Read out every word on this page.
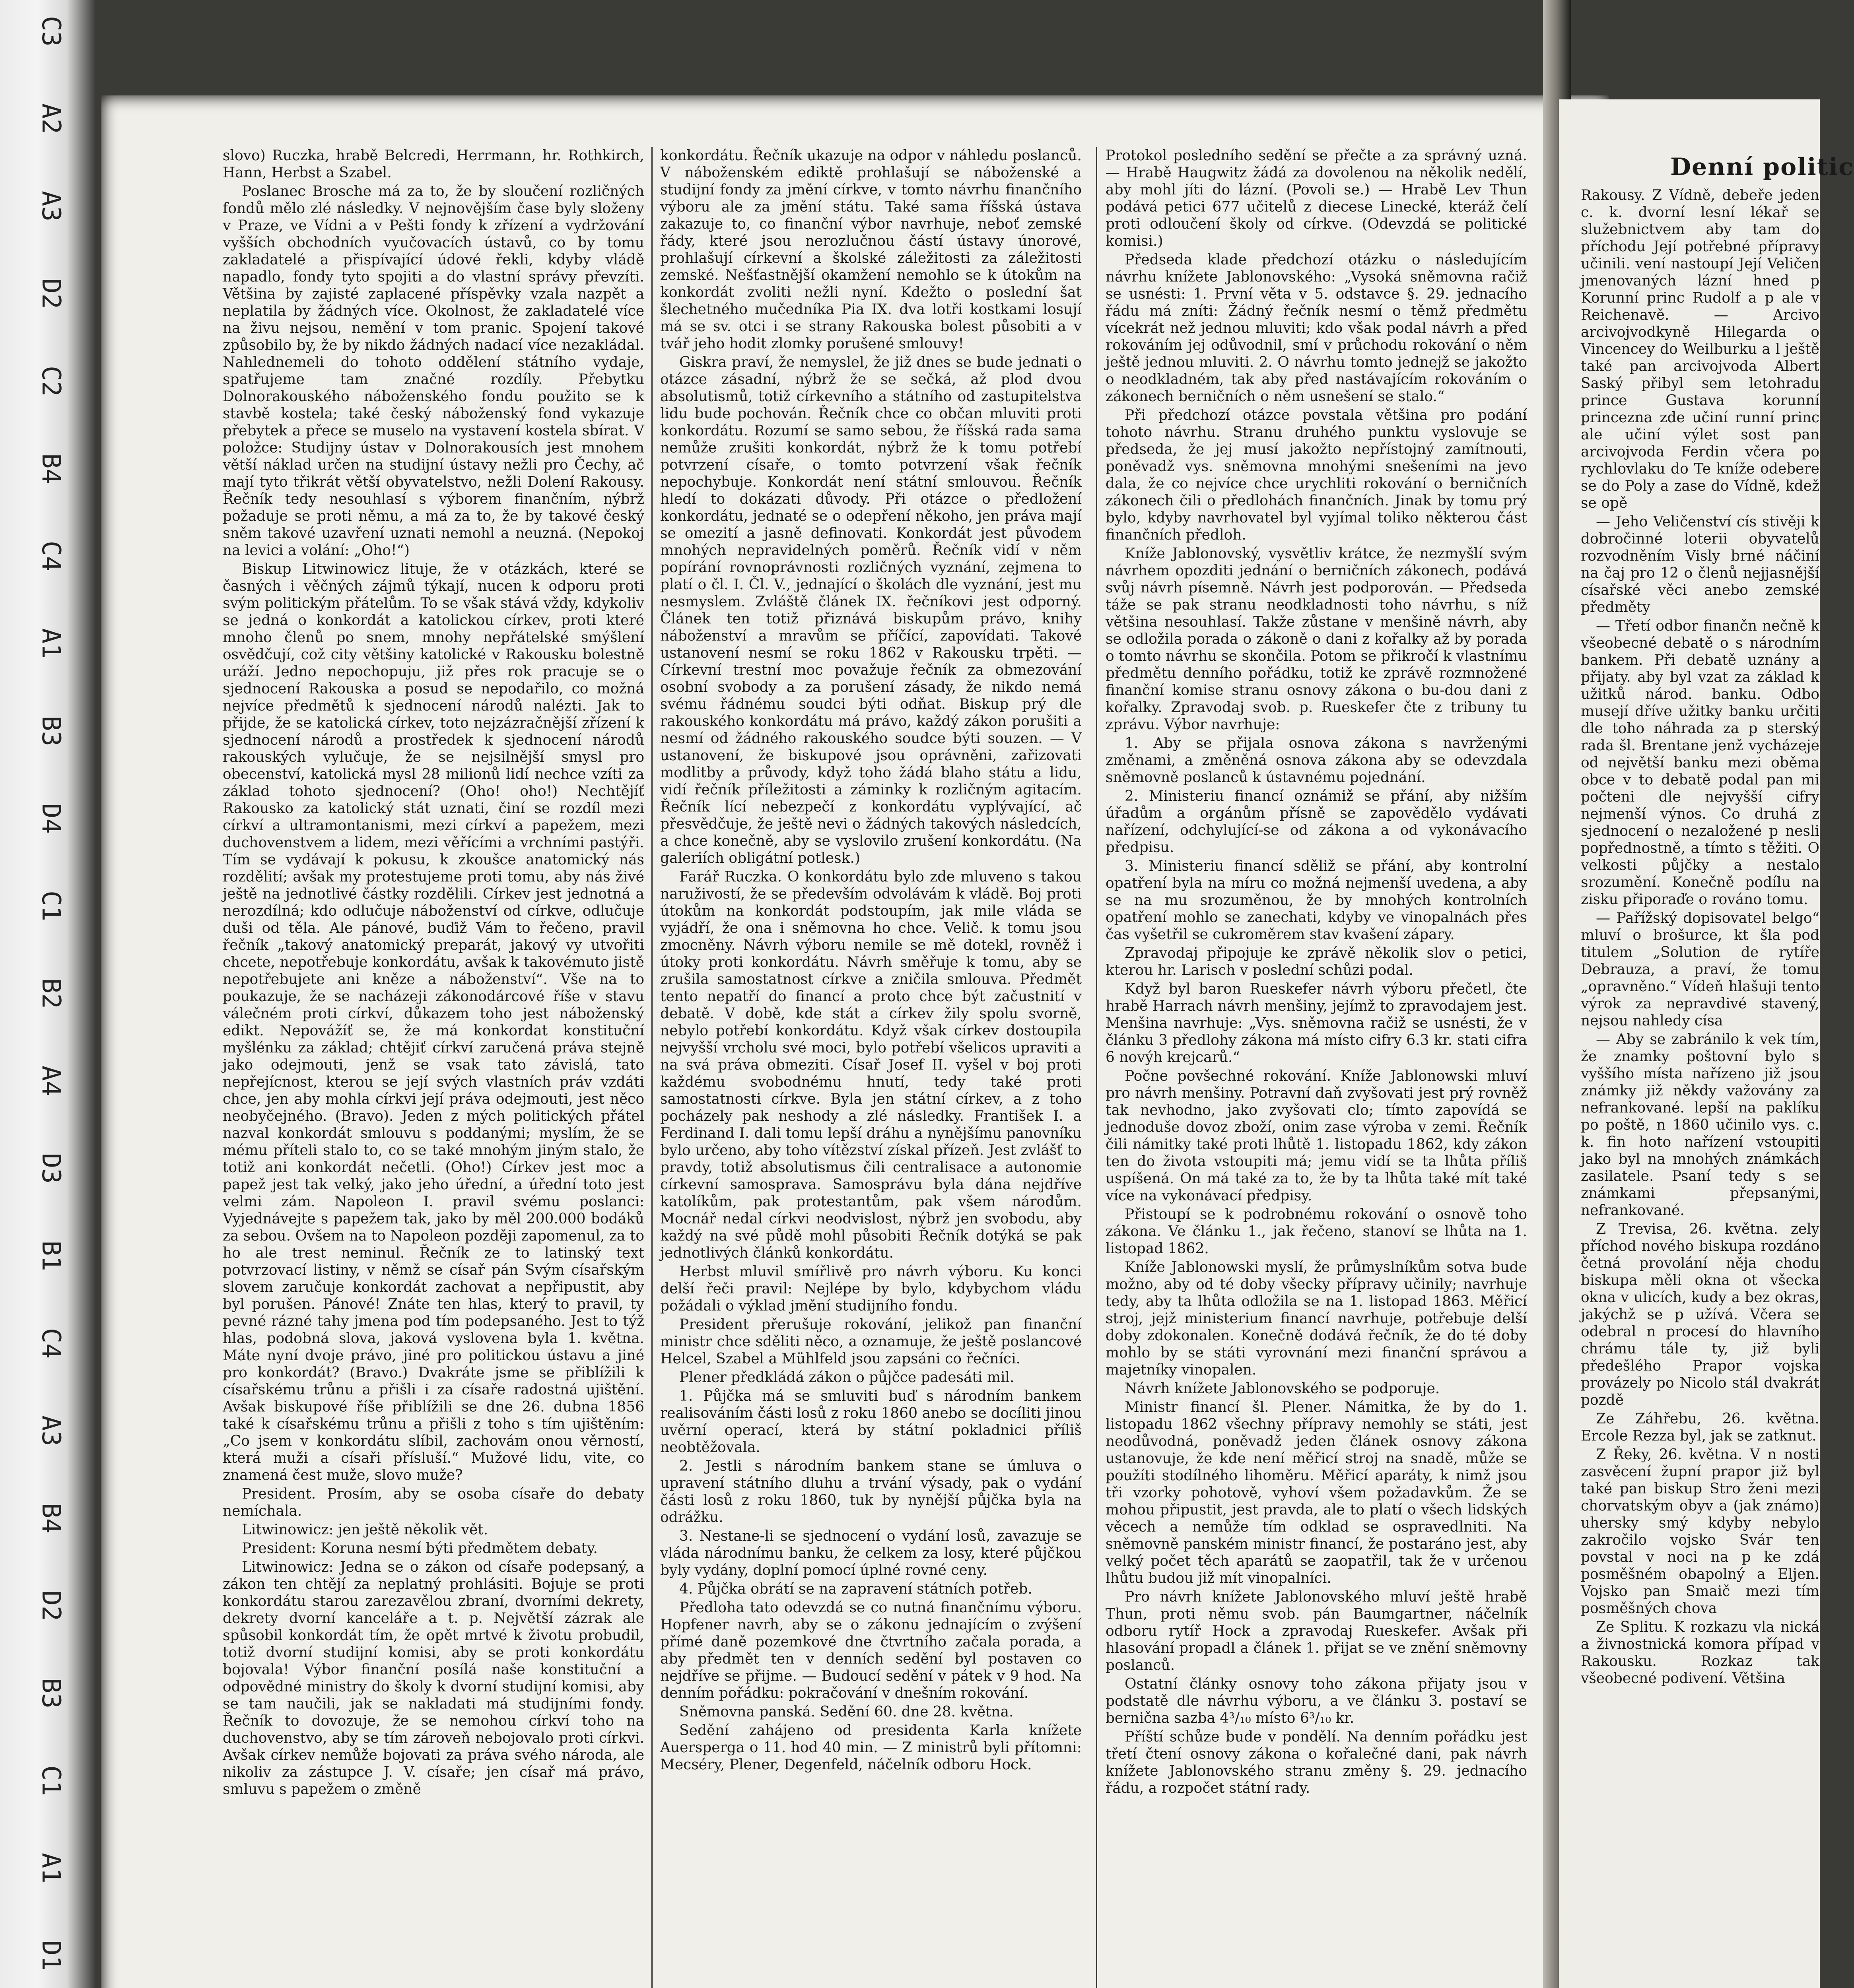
C3
A2
A3
D2
C2
B4
C4
A1
B3
D4
C1
B2
A4
D3
B1
C4
A3
B4
D2
B3
C1
A1
D1

slovo) Ruczka, hrabě Belcredi, Herrmann, hr. Rothkirch, Hann, Herbst a Szabel.

Poslanec Brosche má za to, že by sloučení rozličných fondů mělo zlé následky. V nejnovějším čase byly složeny v Praze, ve Vídni a v Pešti fondy k zřízení a vydržování vyšších obchodních vyučovacích ústavů, co by tomu zakladatelé a přispívající údové řekli, kdyby vládě napadlo, fondy tyto spojiti a do vlastní správy převzíti. Většina by zajisté zaplacené příspěvky vzala nazpět a neplatila by žádných více. Okolnost, že zakladatelé více na živu nejsou, nemění v tom pranic. Spojení takové způsobilo by, že by nikdo žádných nadací více nezakládal. Nahlednemeli do tohoto oddělení státního vydaje, spatřujeme tam značné rozdíly. Přebytku Dolnorakouského náboženského fondu použito se k stavbě kostela; také český náboženský fond vykazuje přebytek a přece se muselo na vystavení kostela sbírat. V položce: Studijny ústav v Dolnorakousích jest mnohem větší náklad určen na studijní ústavy nežli pro Čechy, ač mají tyto třikrát větší obyvatelstvo, nežli Dolení Rakousy. Řečník tedy nesouhlasí s výborem finančním, nýbrž požaduje se proti němu, a má za to, že by takové český sněm takové uzavření uznati nemohl a neuzná. (Nepokoj na levici a volání: „Oho!“)

Biskup Litwinowicz lituje, že v otázkách, které se časných i věčných zájmů týkají, nucen k odporu proti svým politickým přátelům. To se však stává vždy, kdykoliv se jedná o konkordát a katolickou církev, proti které mnoho členů po snem, mnohy nepřátelské smýšlení osvědčují, což city většiny katolické v Rakousku bolestně uráží. Jedno nepochopuju, již přes rok pracuje se o sjednocení Rakouska a posud se nepodařilo, co možná nejvíce předmětů k sjednocení národů nalézti. Jak to přijde, že se katolická církev, toto nejzázračnější zřízení k sjednocení národů a prostředek k sjednocení národů rakouských vylučuje, že se nejsilnější smysl pro obecenství, katolická mysl 28 milionů lidí nechce vzíti za základ tohoto sjednocení? (Oho! oho!) Nechtějíť Rakousko za katolický stát uznati, činí se rozdíl mezi církví a ultramontanismi, mezi církví a papežem, mezi duchovenstvem a lidem, mezi věřícími a vrchními pastýři. Tím se vydávají k pokusu, k zkoušce anatomický nás rozdělití; avšak my protestujeme proti tomu, aby nás živé ještě na jednotlivé částky rozdělili. Církev jest jednotná a nerozdílná; kdo odlučuje náboženství od církve, odlučuje duši od těla. Ale pánové, buďiž Vám to řečeno, pravil řečník „takový anatomický preparát, jakový vy utvořiti chcete, nepotřebuje konkordátu, avšak k takovémuto jistě nepotřebujete ani kněze a náboženství“. Vše na to poukazuje, že se nacházeji zákonodárcové říše v stavu válečném proti církví, důkazem toho jest náboženský edikt. Nepovážíť se, že má konkordat konstituční myšlénku za základ; chtějiť církví zaručená práva stejně jako odejmouti, jenž se vsak tato závislá, tato nepřejícnost, kterou se její svých vlastních práv vzdáti chce, jen aby mohla církvi její práva odejmouti, jest něco neobyčejného. (Bravo). Jeden z mých politických přátel nazval konkordát smlouvu s poddanými; myslím, že se mému příteli stalo to, co se také mnohým jiným stalo, že totiž ani konkordát nečetli. (Oho!) Církev jest moc a papež jest tak velký, jako jeho úřední, a úřední toto jest velmi zám. Napoleon I. pravil svému poslanci: Vyjednávejte s papežem tak, jako by měl 200.000 bodáků za sebou. Ovšem na to Napoleon později zapomenul, za to ho ale trest neminul. Řečník ze to latinský text potvrzovací listiny, v němž se císař pán Svým císařským slovem zaručuje konkordát zachovat a nepřipustit, aby byl porušen. Pánové! Znáte ten hlas, který to pravil, ty pevné rázné tahy jmena pod tím podepsaného. Jest to týž hlas, podobná slova, jaková vyslovena byla 1. května. Máte nyní dvoje právo, jiné pro politickou ústavu a jiné pro konkordát? (Bravo.) Dvakráte jsme se přiblížili k císařskému trůnu a přišli i za císaře radostná ujištění. Avšak biskupové říše přiblížili se dne 26. dubna 1856 také k císařskému trůnu a přišli z toho s tím ujištěním: „Co jsem v konkordátu slíbil, zachovám onou věrností, která muži a císaři přísluší.“ Mužové lidu, vite, co znamená čest muže, slovo muže?

President. Prosím, aby se osoba císaře do debaty nemíchala.

Litwinowicz: jen ještě několik vět.

President: Koruna nesmí býti předmětem debaty.

Litwinowicz: Jedna se o zákon od císaře podepsaný, a zákon ten chtějí za neplatný prohlásiti. Bojuje se proti konkordátu starou zarezavělou zbraní, dvorními dekrety, dekrety dvorní kanceláře a t. p. Největší zázrak ale spůsobil konkordát tím, že opět mrtvé k životu probudil, totiž dvorní studijní komisi, aby se proti konkordátu bojovala! Výbor finanční posílá naše konstituční a odpovědné ministry do školy k dvorní studijní komisi, aby se tam naučili, jak se nakladati má studijními fondy. Řečník to dovozuje, že se nemohou církví toho na duchovenstvo, aby se tím zároveň nebojovalo proti církvi. Avšak církev nemůže bojovati za práva svého národa, ale nikoliv za zástupce J. V. císaře; jen císař má právo, smluvu s papežem o změně

konkordátu. Řečník ukazuje na odpor v náhledu poslanců. V náboženském ediktě prohlašují se náboženské a studijní fondy za jmění církve, v tomto návrhu finančního výboru ale za jmění státu. Také sama říšská ústava zakazuje to, co finanční výbor navrhuje, neboť zemské řády, které jsou nerozlučnou částí ústavy únorové, prohlašují církevní a školské záležitosti za záležitosti zemské. Nešťastnější okamžení nemohlo se k útokům na konkordát zvoliti nežli nyní. Kdežto o poslední šat šlechetného mučedníka Pia IX. dva lotři kostkami losují má se sv. otci i se strany Rakouska bolest působiti a v tvář jeho hodit zlomky porušené smlouvy!

Giskra praví, že nemyslel, že již dnes se bude jednati o otázce zásadní, nýbrž že se sečká, až plod dvou absolutismů, totiž církevního a státního od zastupitelstva lidu bude pochován. Řečník chce co občan mluviti proti konkordátu. Rozumí se samo sebou, že říšská rada sama nemůže zrušiti konkordát, nýbrž že k tomu potřebí potvrzení císaře, o tomto potvrzení však řečník nepochybuje. Konkordát není státní smlouvou. Řečník hledí to dokázati důvody. Při otázce o předložení konkordátu, jednaté se o odepření někoho, jen práva mají se omezití a jasně definovati. Konkordát jest původem mnohých nepravidelných poměrů. Řečník vidí v něm popírání rovnoprávnosti rozličných vyznání, zejmena to platí o čl. I. Čl. V., jednající o školách dle vyznání, jest mu nesmyslem. Zvláště článek IX. řečníkovi jest odporný. Článek ten totiž přiznává biskupům právo, knihy náboženství a mravům se příčící, zapovídati. Takové ustanovení nesmí se roku 1862 v Rakousku trpěti. — Církevní trestní moc považuje řečník za obmezování osobní svobody a za porušení zásady, že nikdo nemá svému řádnému soudci býti odňat. Biskup prý dle rakouského konkordátu má právo, každý zákon porušiti a nesmí od žádného rakouského soudce býti souzen. — V ustanovení, že biskupové jsou oprávněni, zařizovati modlitby a průvody, když toho žádá blaho státu a lidu, vidí řečník příležitosti a záminky k rozličným agitacím. Řečník lící nebezpečí z konkordátu vyplývající, ač přesvědčuje, že ještě nevi o žádných takových následcích, a chce konečně, aby se vyslovilo zrušení konkordátu. (Na galeriích obligátní potlesk.)

Farář Ruczka. O konkordátu bylo zde mluveno s takou naruživostí, že se především odvolávám k vládě. Boj proti útokům na konkordát podstoupím, jak mile vláda se vyjádří, že ona i sněmovna ho chce. Velič. k tomu jsou zmocněny. Návrh výboru nemile se mě dotekl, rovněž i útoky proti konkordátu. Návrh směřuje k tomu, aby se zrušila samostatnost církve a zničila smlouva. Předmět tento nepatří do financí a proto chce být začustnití v debatě. V době, kde stát a církev žily spolu svorně, nebylo potřebí konkordátu. Když však církev dostoupila nejvyšší vrcholu své moci, bylo potřebí všelicos upraviti a na svá práva obmeziti. Císař Josef II. vyšel v boj proti každému svobodnému hnutí, tedy také proti samostatnosti církve. Byla jen státní církev, a z toho pocházely pak neshody a zlé následky. František I. a Ferdinand I. dali tomu lepší dráhu a nynějšímu panovníku bylo určeno, aby toho vítězství získal přízeň. Jest zvlášť to pravdy, totiž absolutismus čili centralisace a autonomie církevní samosprava. Samosprávu byla dána nejdříve katolíkům, pak protestantům, pak všem národům. Mocnář nedal církvi neodvislost, nýbrž jen svobodu, aby každý na své půdě mohl působiti Řečník dotýká se pak jednotlivých článků konkordátu.

Herbst mluvil smířlivě pro návrh výboru. Ku konci delší řeči pravil: Nejlépe by bylo, kdybychom vládu požádali o výklad jmění studijního fondu.

President přerušuje rokování, jelikož pan finanční ministr chce sděliti něco, a oznamuje, že ještě poslancové Helcel, Szabel a Mühlfeld jsou zapsáni co řečníci.

Plener předkládá zákon o půjčce padesáti mil.

1. Půjčka má se smluviti buď s národním bankem realisováním části losů z roku 1860 anebo se docíliti jinou uvěrní operací, která by státní pokladnici příliš neobtěžovala.

2. Jestli s národním bankem stane se úmluva o upravení státního dluhu a trvání výsady, pak o vydání části losů z roku 1860, tuk by nynější půjčka byla na odrážku.

3. Nestane-li se sjednocení o vydání losů, zavazuje se vláda národnímu banku, že celkem za losy, které půjčkou byly vydány, doplní pomocí úplné rovné ceny.

4. Půjčka obrátí se na zapravení státních potřeb.

Předloha tato odevzdá se co nutná finančnímu výboru. Hopfener navrh, aby se o zákonu jednajícím o zvýšení přímé daně pozemkové dne čtvrtního začala porada, a aby předmět ten v denních sedění byl postaven co nejdříve se přijme. — Budoucí sedění v pátek v 9 hod. Na denním pořádku: pokračování v dnešním rokování.

Sněmovna panská. Sedění 60. dne 28. května.

Sedění zahájeno od presidenta Karla knížete Auersperga o 11. hod 40 min. — Z ministrů byli přítomni: Mecséry, Plener, Degenfeld, náčelník odboru Hock.

Protokol posledního sedění se přečte a za správný uzná. — Hrabě Haugwitz žádá za dovolenou na několik nedělí, aby mohl jíti do lázní. (Povoli se.) — Hrabě Lev Thun podává petici 677 učitelů z diecese Linecké, kteráž čelí proti odloučení školy od církve. (Odevzdá se politické komisi.)

Předseda klade předchozí otázku o následujícím návrhu knížete Jablonovského: „Vysoká sněmovna račiž se usnésti: 1. První věta v 5. odstavce §. 29. jednacího řádu má zníti: Žádný řečník nesmí o těmž předmětu vícekrát než jednou mluviti; kdo však podal návrh a před rokováním jej odůvodnil, smí v průchodu rokování o něm ještě jednou mluviti. 2. O návrhu tomto jednejž se jakožto o neodkladném, tak aby před nastávajícím rokováním o zákonech berničních o něm usnešení se stalo.“

Při předchozí otázce povstala většina pro podání tohoto návrhu. Stranu druhého punktu vyslovuje se předseda, že jej musí jakožto nepřístojný zamítnouti, poněvadž vys. sněmovna mnohými snešeními na jevo dala, že co nejvíce chce urychliti rokování o berničních zákonech čili o předlohách finančních. Jinak by tomu prý bylo, kdyby navrhovatel byl vyjímal toliko některou část finančních předloh.

Kníže Jablonovský, vysvětliv krátce, že nezmyšlí svým návrhem opozditi jednání o berničních zákonech, podává svůj návrh písemně. Návrh jest podporován. — Předseda táže se pak stranu neodkladnosti toho návrhu, s níž většina nesouhlasí. Takže zůstane v menšině návrh, aby se odložila porada o zákoně o dani z kořalky až by porada o tomto návrhu se skončila. Potom se přikročí k vlastnímu předmětu denního pořádku, totiž ke zprávě rozmnožené finanční komise stranu osnovy zákona o bu-dou dani z kořalky. Zpravodaj svob. p. Rueskefer čte z tribuny tu zprávu. Výbor navrhuje:

1. Aby se přijala osnova zákona s navrženými změnami, a změněná osnova zákona aby se odevzdala sněmovně poslanců k ústavnému pojednání.

2. Ministeriu financí oznámiž se přání, aby nižším úřadům a orgánům přísně se zapovědělo vydávati nařízení, odchylující-se od zákona a od vykonávacího předpisu.

3. Ministeriu financí sděliž se přání, aby kontrolní opatření byla na míru co možná nejmenší uvedena, a aby se na mu srozuměnou, že by mnohých kontrolních opatření mohlo se zanechati, kdyby ve vinopalnách přes čas vyšetřil se cukroměrem stav kvašení zápary.

Zpravodaj připojuje ke zprávě několik slov o petici, kterou hr. Larisch v poslední schůzi podal.

Když byl baron Rueskefer návrh výboru přečetl, čte hrabě Harrach návrh menšiny, jejímž to zpravodajem jest. Menšina navrhuje: „Vys. sněmovna račiž se usnésti, že v článku 3 předlohy zákona má místo cifry 6.3 kr. stati cifra 6 novýh krejcarů.“

Počne povšechné rokování. Kníže Jablonowski mluví pro návrh menšiny. Potravní daň zvyšovati jest prý rovněž tak nevhodno, jako zvyšovati clo; tímto zapovídá se jednoduše dovoz zboží, onim zase výroba v zemi. Řečník čili námitky také proti lhůtě 1. listopadu 1862, kdy zákon ten do života vstoupiti má; jemu vidí se ta lhůta příliš uspíšená. On má také za to, že by ta lhůta také mít také více na vykonávací předpisy.

Přistoupí se k podrobnému rokování o osnově toho zákona. Ve článku 1., jak řečeno, stanoví se lhůta na 1. listopad 1862.

Kníže Jablonowski myslí, že průmyslníkům sotva bude možno, aby od té doby všecky přípravy učinily; navrhuje tedy, aby ta lhůta odložila se na 1. listopad 1863. Měřicí stroj, jejž ministerium financí navrhuje, potřebuje delší doby zdokonalen. Konečně dodává řečník, že do té doby mohlo by se státi vyrovnání mezi finanční správou a majetníky vinopalen.

Návrh knížete Jablonovského se podporuje.

Ministr financí šl. Plener. Námitka, že by do 1. listopadu 1862 všechny přípravy nemohly se státi, jest neodůvodná, poněvadž jeden článek osnovy zákona ustanovuje, že kde není měřicí stroj na snadě, může se použíti stodílného lihoměru. Měřicí aparáty, k nimž jsou tři vzorky pohotově, vyhoví všem požadavkům. Že se mohou připustit, jest pravda, ale to platí o všech lidských věcech a nemůže tím odklad se ospravedlniti. Na sněmovně panském ministr financí, že postaráno jest, aby velký počet těch aparátů se zaopatřil, tak že v určenou lhůtu budou již mít vinopalníci.

Pro návrh knížete Jablonovského mluví ještě hrabě Thun, proti němu svob. pán Baumgartner, náčelník odboru rytíř Hock a zpravodaj Rueskefer. Avšak při hlasování propadl a článek 1. přijat se ve znění sněmovny poslanců.

Ostatní články osnovy toho zákona přijaty jsou v podstatě dle návrhu výboru, a ve článku 3. postaví se bernična sazba 4³/₁₀ místo 6³/₁₀ kr.

Příští schůze bude v pondělí. Na denním pořádku jest třetí čtení osnovy zákona o kořalečné dani, pak návrh knížete Jablonovského stranu změny §. 29. jednacího řádu, a rozpočet státní rady.

Denní politic

Rakousy. Z Vídně, debeře jeden c. k. dvorní lesní lékař se služebnictvem aby tam do příchodu Její potřebné přípravy učinili. vení nastoupí Její Veličen jmenovaných lázní hned p Korunní princ Rudolf a p ale v Reichenavě. — Arcivo arcivojvodkyně Hilegarda o Vincencey do Weilburku a l ještě také pan arcivojvoda Albert Saský přibyl sem letohradu prince Gustava korunní princezna zde učiní runní princ ale učiní výlet sost pan arcivojvoda Ferdin včera po rychlovlaku do Te kníže odebere se do Poly a zase do Vídně, kdež se opě

— Jeho Veličenství cís stivěji k dobročinné loterii obyvatelů rozvodněním Visly brné náčiní na čaj pro 12 o členů nejjasnější císařské věci anebo zemské předměty

— Třetí odbor finančn nečně k všeobecné debatě o s národním bankem. Při debatě uznány a přijaty. aby byl vzat za základ k užitků národ. banku. Odbo musejí dříve užitky banku určiti dle toho náhrada za p sterský rada šl. Brentane jenž vycházeje od největší banku mezi oběma obce v to debatě podal pan mi počteni dle nejvyšší cifry nejmenší výnos. Co druhá z sjednocení o nezaložené p nesli popřednostně, a tímto s těžiti. O velkosti půjčky a nestalo srozumění. Konečně podílu na zisku připoraďe o rováno tomu.

— Pařížský dopisovatel belgo“ mluví o brošurce, kt šla pod titulem „Solution de rytíře Debrauza, a praví, že tomu „opravněno.“ Vídeň hlašuji tento výrok za nepravdivé stavený, nejsou nahledy císa

— Aby se zabránilo k vek tím, že znamky poštovní bylo s vyššího místa nařízeno již jsou známky již někdy važovány za nefrankované. lepší na paklíku po poště, n 1860 učinilo vys. c. k. fin hoto nařízení vstoupiti jako byl na mnohých známkách zasilatele. Psaní tedy s se známkami přepsanými, nefrankované.

Z Trevisa, 26. května. zely příchod nového biskupa rozdáno četná provolání něja chodu biskupa měli okna ot všecka okna v ulicích, kudy a bez okras, jakýchž se p užívá. Včera se odebral n procesí do hlavního chrámu tále ty, již byli předešlého Prapor vojska provázely po Nicolo stál dvakrát pozdě

Ze Záhřebu, 26. května. Ercole Rezza byl, jak se zatknut.

Z Řeky, 26. května. V n nosti zasvěcení župní prapor již byl také pan biskup Stro ženi mezi chorvatským obyv a (jak známo) uhersky smý kdyby nebylo zakročilo vojsko Svár ten povstal v noci na p ke zdá posměšném obapolný a Eljen. Vojsko pan Smaič mezi tím posměšných chova

Ze Splitu. K rozkazu vla nická a živnostnická komora případ v Rakousku. Rozkaz tak všeobecné podivení. Většina
